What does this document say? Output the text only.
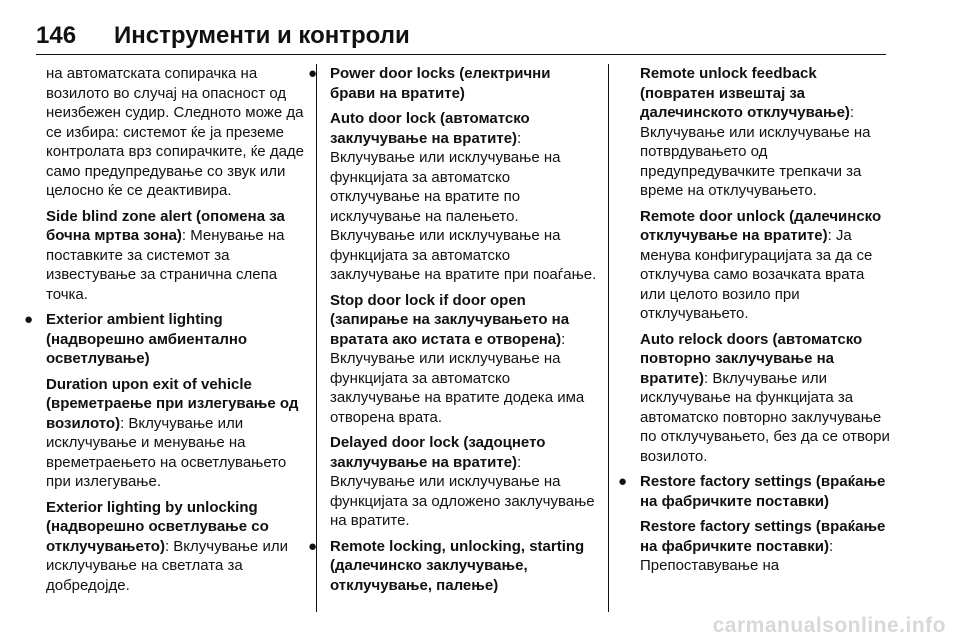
146	Инструменти и контроли

на автоматската сопирачка на возилото во случај на опасност од неизбежен судир. Следното може да се избира: системот ќе ја преземе контролата врз сопирачките, ќе даде само предупредување со звук или целосно ќе се деактивира.

Side blind zone alert (опомена за бочна мртва зона): Менување на поставките за системот за известување за странична слепа точка.

● Exterior ambient lighting (надворешно амбиентално осветлување)

Duration upon exit of vehicle (времетраење при излегување од возилото): Вклучување или исклучување и менување на времетраењето на осветлувањето при излегување.

Exterior lighting by unlocking (надворешно осветлување со отклучувањето): Вклучување или исклучување на светлата за добредојде.

● Power door locks (електрични брави на вратите)

Auto door lock (автоматско заклучување на вратите): Вклучување или исклучување на функцијата за автоматско отклучување на вратите по исклучување на палењето. Вклучување или исклучување на функцијата за автоматско заклучување на вратите при поаѓање.

Stop door lock if door open (запирање на заклучувањето на вратата ако истата е отворена): Вклучување или исклучување на функцијата за автоматско заклучување на вратите додека има отворена врата.

Delayed door lock (задоцнето заклучување на вратите): Вклучување или исклучување на функцијата за одложено заклучување на вратите.

● Remote locking, unlocking, starting (далечинско заклучување, отклучување, палење)

Remote unlock feedback (повратен извештај за далечинското отклучување): Вклучување или исклучување на потврдувањето од предупредувачките трепкачи за време на отклучувањето.

Remote door unlock (далечинско отклучување на вратите): Ја менува конфигурацијата за да се отклучува само возачката врата или целото возило при отклучувањето.

Auto relock doors (автоматско повторно заклучување на вратите): Вклучување или исклучување на функцијата за автоматско повторно заклучување по отклучувањето, без да се отвори возилото.

● Restore factory settings (враќање на фабричките поставки)

Restore factory settings (враќање на фабричките поставки): Препоставување на

carmanualsonline.info
